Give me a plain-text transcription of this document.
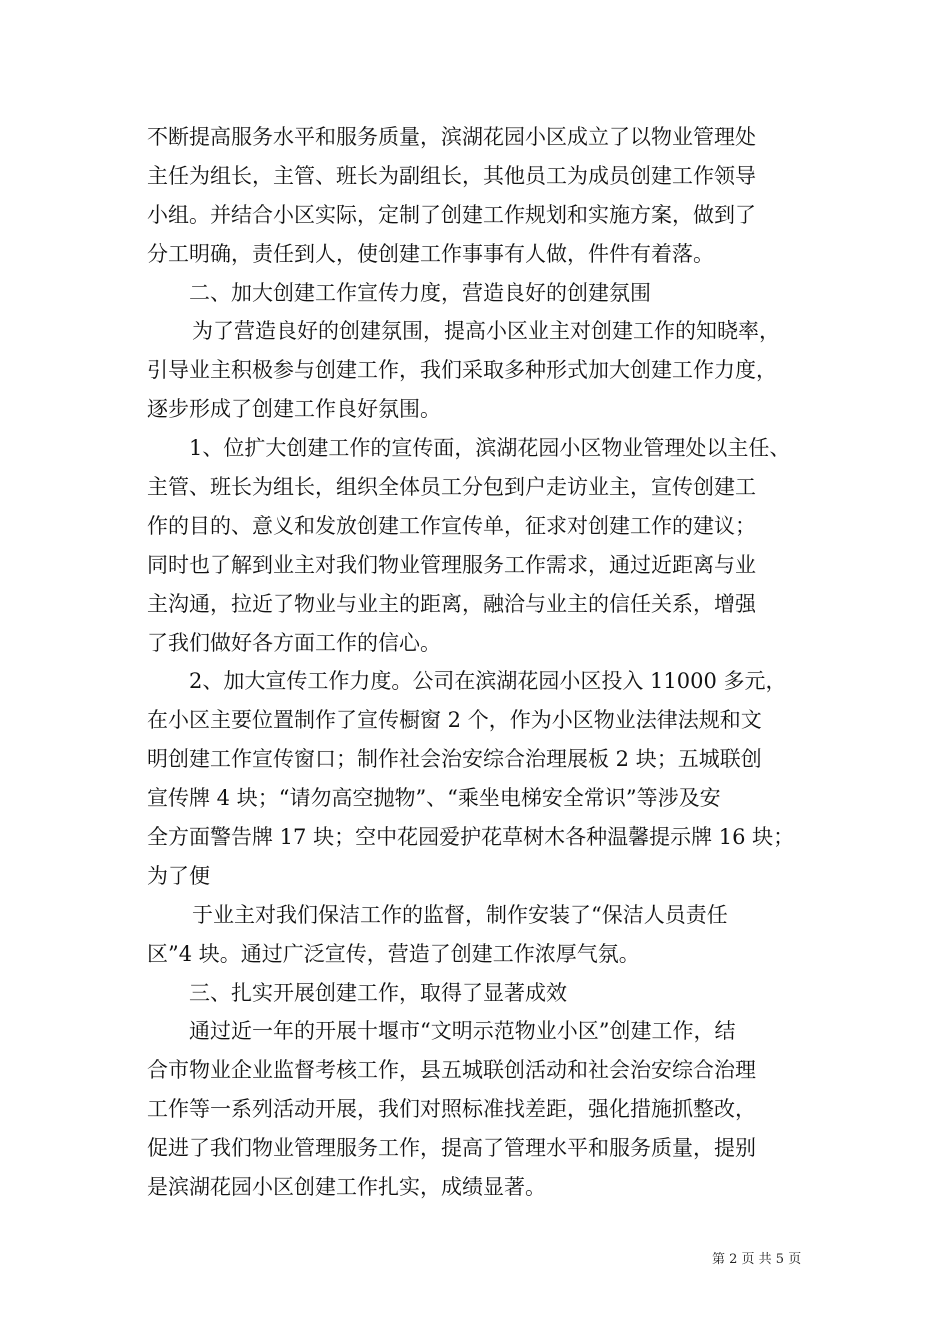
不断提高服务水平和服务质量，滨湖花园小区成立了以物业管理处
主任为组长，主管、班长为副组长，其他员工为成员创建工作领导
小组。并结合小区实际，定制了创建工作规划和实施方案，做到了
分工明确，责任到人，使创建工作事事有人做，件件有着落。
二、加大创建工作宣传力度，营造良好的创建氛围
为了营造良好的创建氛围，提高小区业主对创建工作的知晓率，
引导业主积极参与创建工作，我们采取多种形式加大创建工作力度，
逐步形成了创建工作良好氛围。
1、位扩大创建工作的宣传面，滨湖花园小区物业管理处以主任、
主管、班长为组长，组织全体员工分包到户走访业主，宣传创建工
作的目的、意义和发放创建工作宣传单，征求对创建工作的建议；
同时也了解到业主对我们物业管理服务工作需求，通过近距离与业
主沟通，拉近了物业与业主的距离，融洽与业主的信任关系，增强
了我们做好各方面工作的信心。
2、加大宣传工作力度。公司在滨湖花园小区投入 11000 多元，
在小区主要位置制作了宣传橱窗 2 个，作为小区物业法律法规和文
明创建工作宣传窗口；制作社会治安综合治理展板 2 块；五城联创
宣传牌 4 块；“请勿高空抛物”、“乘坐电梯安全常识”等涉及安
全方面警告牌 17 块；空中花园爱护花草树木各种温馨提示牌 16 块；
为了便
于业主对我们保洁工作的监督，制作安装了“保洁人员责任
区”4 块。通过广泛宣传，营造了创建工作浓厚气氛。
三、扎实开展创建工作，取得了显著成效
通过近一年的开展十堰市“文明示范物业小区”创建工作，结
合市物业企业监督考核工作，县五城联创活动和社会治安综合治理
工作等一系列活动开展，我们对照标准找差距，强化措施抓整改，
促进了我们物业管理服务工作，提高了管理水平和服务质量，提别
是滨湖花园小区创建工作扎实，成绩显著。
第 2 页 共 5 页
